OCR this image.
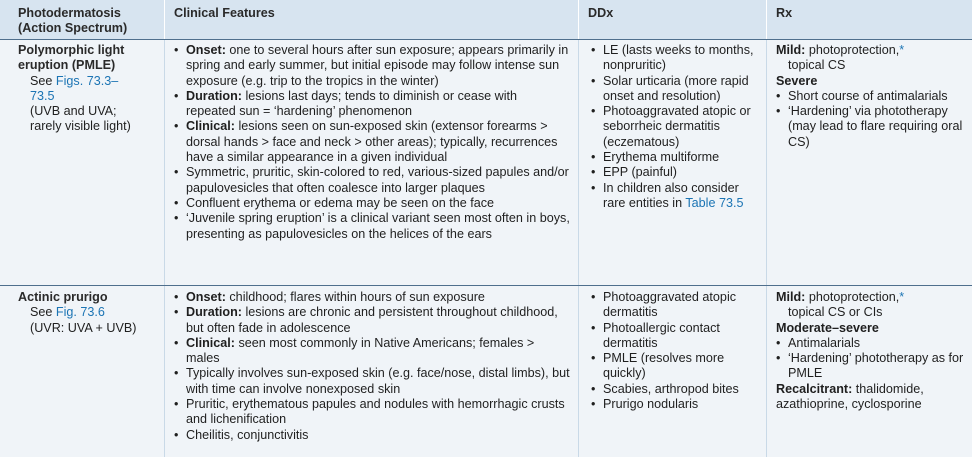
Photodermatosis
(Action Spectrum)
Clinical Features	DDx	Rx
Polymorphic light
eruption (PMLE)
See Figs. 73.3–
73.5
(UVB and UVA;
rarely visible light)
• Onset: one to several hours after sun exposure; appears primarily in spring and early summer, but initial episode may follow intense sun exposure (e.g. trip to the tropics in the winter)
• Duration: lesions last days; tends to diminish or cease with repeated sun = ‘hardening’ phenomenon
• Clinical: lesions seen on sun-exposed skin (extensor forearms > dorsal hands > face and neck > other areas); typically, recurrences have a similar appearance in a given individual
• Symmetric, pruritic, skin-colored to red, various-sized papules and/or papulovesicles that often coalesce into larger plaques
• Confluent erythema or edema may be seen on the face
• ‘Juvenile spring eruption’ is a clinical variant seen most often in boys, presenting as papulovesicles on the helices of the ears
• LE (lasts weeks to months, nonpruritic)
• Solar urticaria (more rapid onset and resolution)
• Photoaggravated atopic or seborrheic dermatitis (eczematous)
• Erythema multiforme
• EPP (painful)
• In children also consider rare entities in Table 73.5
Mild: photoprotection,*
topical CS
Severe
• Short course of antimalarials
• ‘Hardening’ via phototherapy (may lead to flare requiring oral CS)
Actinic prurigo
See Fig. 73.6
(UVR: UVA + UVB)
• Onset: childhood; flares within hours of sun exposure
• Duration: lesions are chronic and persistent throughout childhood, but often fade in adolescence
• Clinical: seen most commonly in Native Americans; females > males
• Typically involves sun-exposed skin (e.g. face/nose, distal limbs), but with time can involve nonexposed skin
• Pruritic, erythematous papules and nodules with hemorrhagic crusts and lichenification
• Cheilitis, conjunctivitis
• Photoaggravated atopic dermatitis
• Photoallergic contact dermatitis
• PMLE (resolves more quickly)
• Scabies, arthropod bites
• Prurigo nodularis
Mild: photoprotection,*
topical CS or CIs
Moderate–severe
• Antimalarials
• ‘Hardening’ phototherapy as for PMLE
Recalcitrant: thalidomide, azathioprine, cyclosporine
